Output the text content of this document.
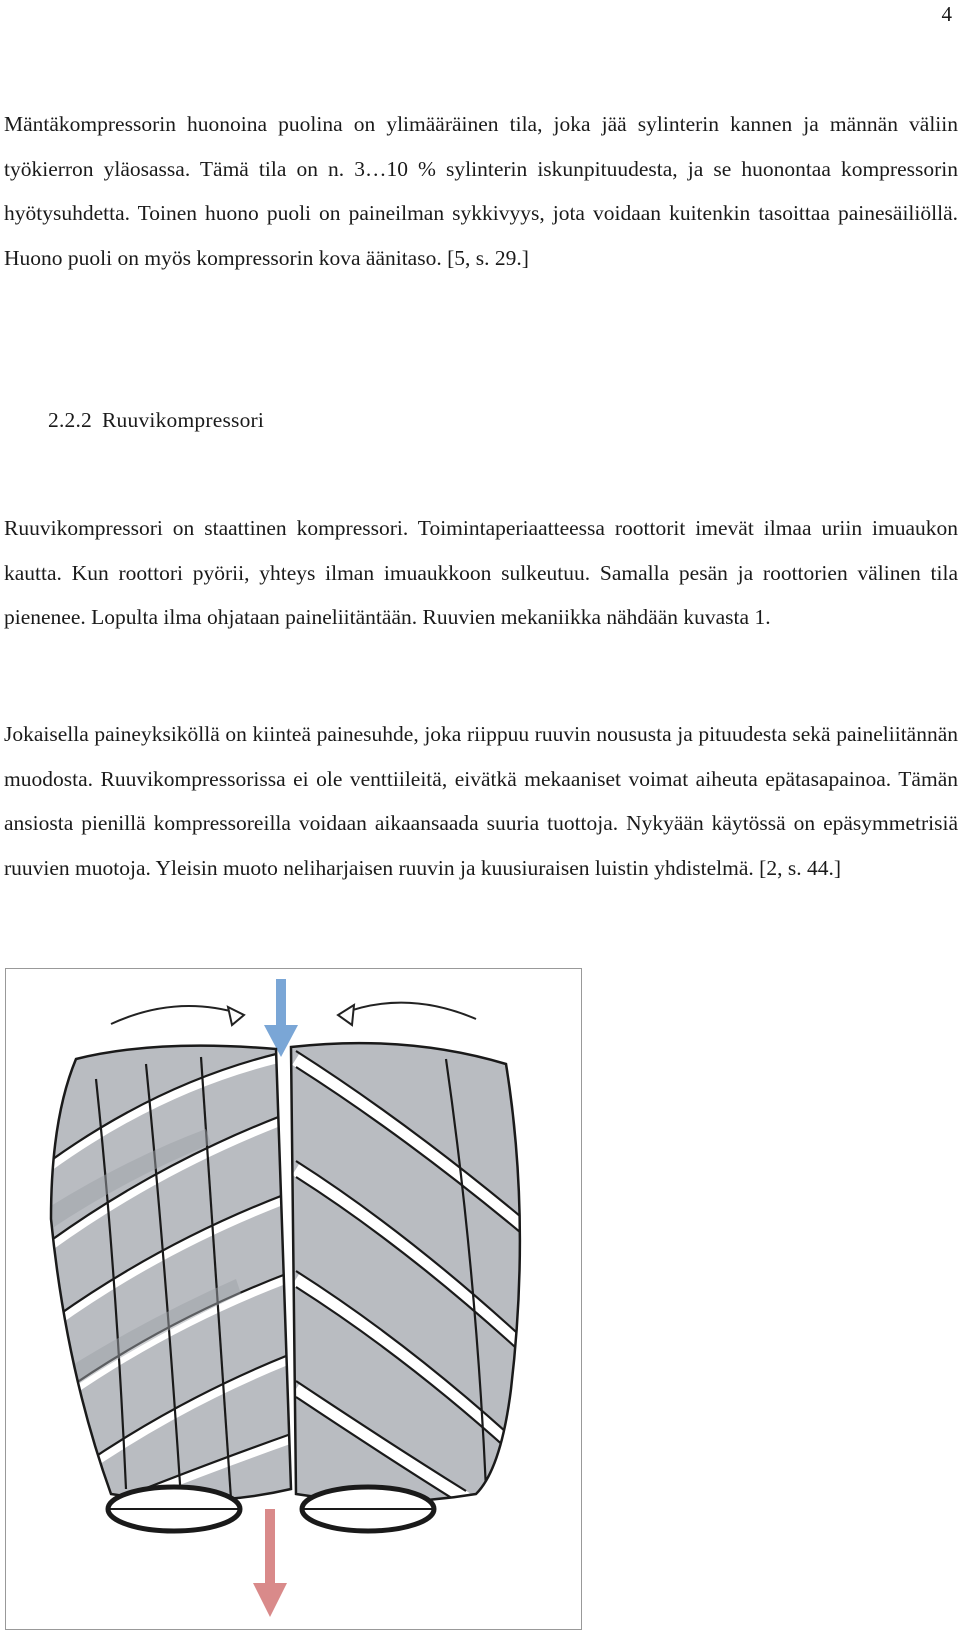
4

Mäntäkompressorin huonoina puolina on ylimääräinen tila, joka jää sylinterin kannen ja männän väliin työkierron yläosassa. Tämä tila on n. 3…10 % sylinterin iskunpituudesta, ja se huonontaa kompressorin hyötysuhdetta. Toinen huono puoli on paineilman sykkivyys, jota voidaan kuitenkin tasoittaa painesäiliöllä. Huono puoli on myös kompressorin kova äänitaso. [5, s. 29.]

2.2.2 Ruuvikompressori

Ruuvikompressori on staattinen kompressori. Toimintaperiaatteessa roottorit imevät ilmaa uriin imuaukon kautta. Kun roottori pyörii, yhteys ilman imuaukkoon sulkeutuu. Samalla pesän ja roottorien välinen tila pienenee. Lopulta ilma ohjataan paineliitäntään. Ruuvien mekaniikka nähdään kuvasta 1.

Jokaisella paineyksiköllä on kiinteä painesuhde, joka riippuu ruuvin noususta ja pituudesta sekä paineliitännän muodosta. Ruuvikompressorissa ei ole venttiileitä, eivätkä mekaaniset voimat aiheuta epätasapainoa. Tämän ansiosta pienillä kompressoreilla voidaan aikaansaada suuria tuottoja. Nykyään käytössä on epäsymmetrisiä ruuvien muotoja. Yleisin muoto neliharjaisen ruuvin ja kuusiuraisen luistin yhdistelmä. [2, s. 44.]
